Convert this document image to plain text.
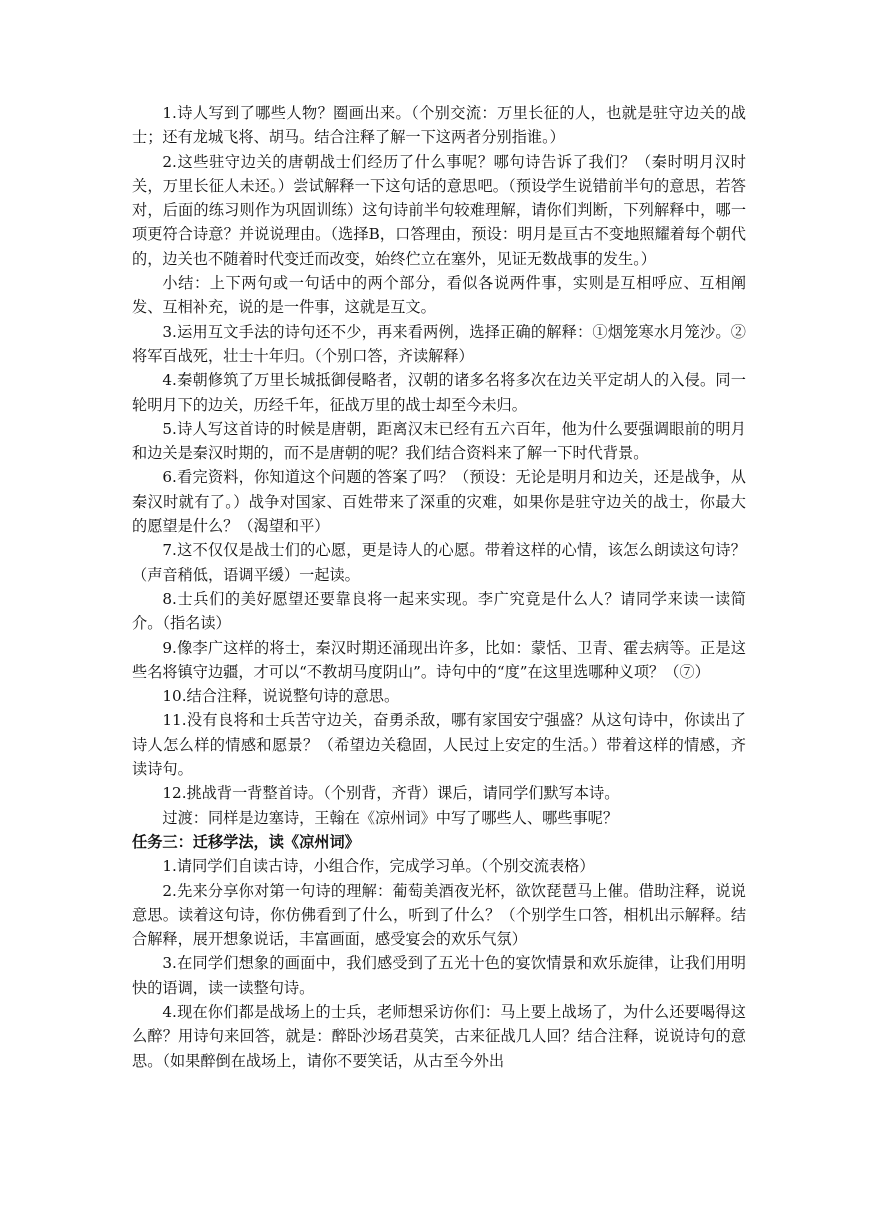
1.诗人写到了哪些人物？圈画出来。（个别交流：万里长征的人，也就是驻守边关的战士；还有龙城飞将、胡马。结合注释了解一下这两者分别指谁。）

2.这些驻守边关的唐朝战士们经历了什么事呢？哪句诗告诉了我们？（秦时明月汉时关，万里长征人未还。）尝试解释一下这句话的意思吧。（预设学生说错前半句的意思，若答对，后面的练习则作为巩固训练）这句诗前半句较难理解，请你们判断，下列解释中，哪一项更符合诗意？并说说理由。（选择B，口答理由，预设：明月是亘古不变地照耀着每个朝代的，边关也不随着时代变迁而改变，始终伫立在塞外，见证无数战事的发生。）

小结：上下两句或一句话中的两个部分，看似各说两件事，实则是互相呼应、互相阐发、互相补充，说的是一件事，这就是互文。

3.运用互文手法的诗句还不少，再来看两例，选择正确的解释：①烟笼寒水月笼沙。②将军百战死，壮士十年归。（个别口答，齐读解释）

4.秦朝修筑了万里长城抵御侵略者，汉朝的诸多名将多次在边关平定胡人的入侵。同一轮明月下的边关，历经千年，征战万里的战士却至今未归。

5.诗人写这首诗的时候是唐朝，距离汉末已经有五六百年，他为什么要强调眼前的明月和边关是秦汉时期的，而不是唐朝的呢？我们结合资料来了解一下时代背景。

6.看完资料，你知道这个问题的答案了吗？（预设：无论是明月和边关，还是战争，从秦汉时就有了。）战争对国家、百姓带来了深重的灾难，如果你是驻守边关的战士，你最大的愿望是什么？（渴望和平）

7.这不仅仅是战士们的心愿，更是诗人的心愿。带着这样的心情，该怎么朗读这句诗？（声音稍低，语调平缓）一起读。

8.士兵们的美好愿望还要靠良将一起来实现。李广究竟是什么人？请同学来读一读简介。（指名读）

9.像李广这样的将士，秦汉时期还涌现出许多，比如：蒙恬、卫青、霍去病等。正是这些名将镇守边疆，才可以“不教胡马度阴山”。诗句中的“度”在这里选哪种义项？（⑦）

10.结合注释，说说整句诗的意思。

11.没有良将和士兵苦守边关，奋勇杀敌，哪有家国安宁强盛？从这句诗中，你读出了诗人怎么样的情感和愿景？（希望边关稳固，人民过上安定的生活。）带着这样的情感，齐读诗句。

12.挑战背一背整首诗。（个别背，齐背）课后，请同学们默写本诗。

过渡：同样是边塞诗，王翰在《凉州词》中写了哪些人、哪些事呢？

任务三：迁移学法，读《凉州词》

1.请同学们自读古诗，小组合作，完成学习单。（个别交流表格）

2.先来分享你对第一句诗的理解：葡萄美酒夜光杯，欲饮琵琶马上催。借助注释，说说意思。读着这句诗，你仿佛看到了什么，听到了什么？（个别学生口答，相机出示解释。结合解释，展开想象说话，丰富画面，感受宴会的欢乐气氛）

3.在同学们想象的画面中，我们感受到了五光十色的宴饮情景和欢乐旋律，让我们用明快的语调，读一读整句诗。

4.现在你们都是战场上的士兵，老师想采访你们：马上要上战场了，为什么还要喝得这么醉？用诗句来回答，就是：醉卧沙场君莫笑，古来征战几人回？结合注释，说说诗句的意思。（如果醉倒在战场上，请你不要笑话，从古至今外出
